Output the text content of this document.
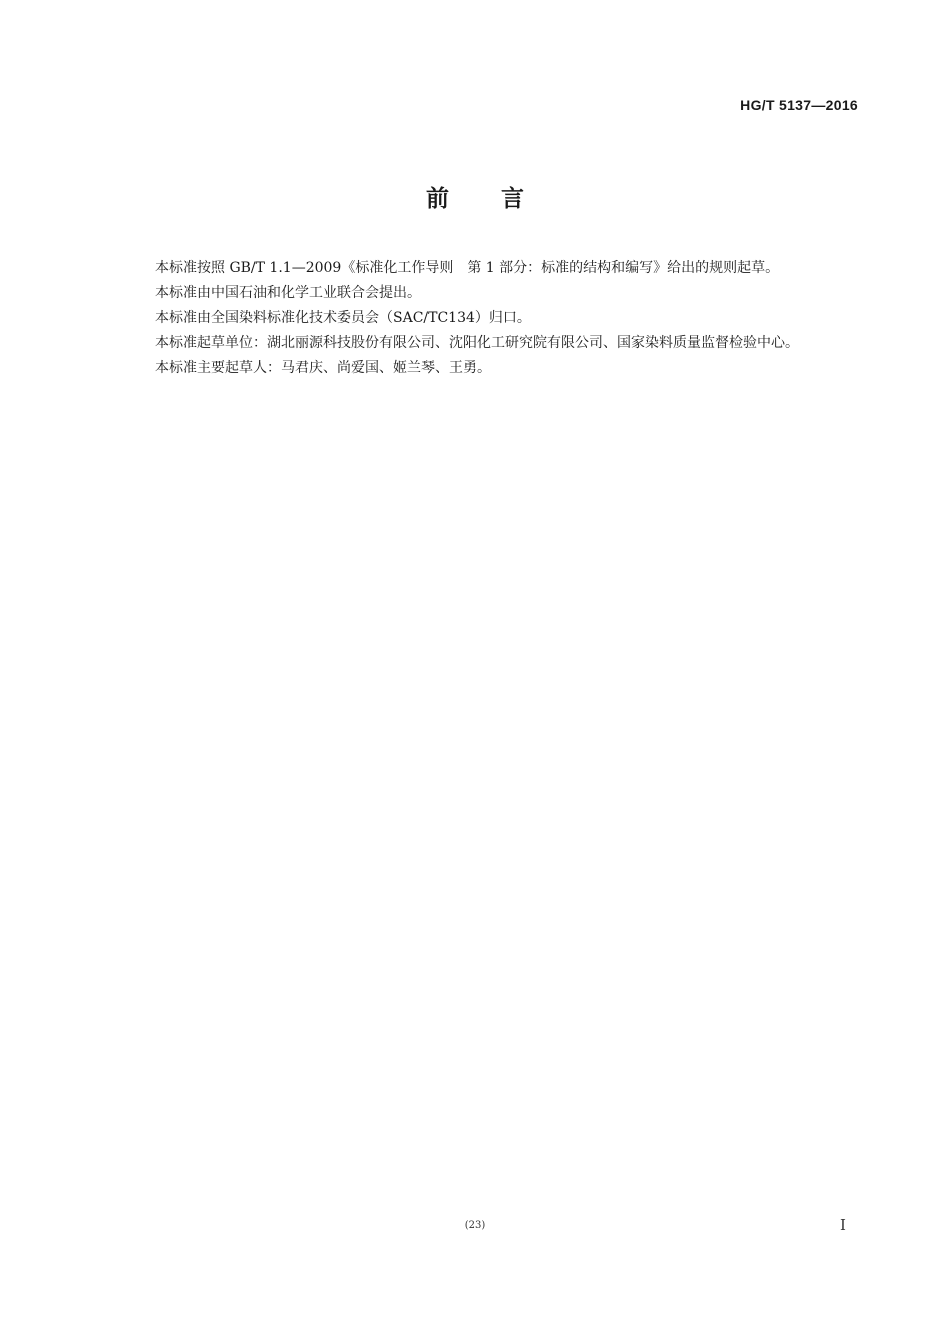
HG/T 5137—2016
前 言

本标准按照 GB/T 1.1—2009《标准化工作导则　第 1 部分：标准的结构和编写》给出的规则起草。

本标准由中国石油和化学工业联合会提出。

本标准由全国染料标准化技术委员会（SAC/TC134）归口。

本标准起草单位：湖北丽源科技股份有限公司、沈阳化工研究院有限公司、国家染料质量监督检验中心。

本标准主要起草人：马君庆、尚爱国、姬兰琴、王勇。

(23)	Ⅰ
